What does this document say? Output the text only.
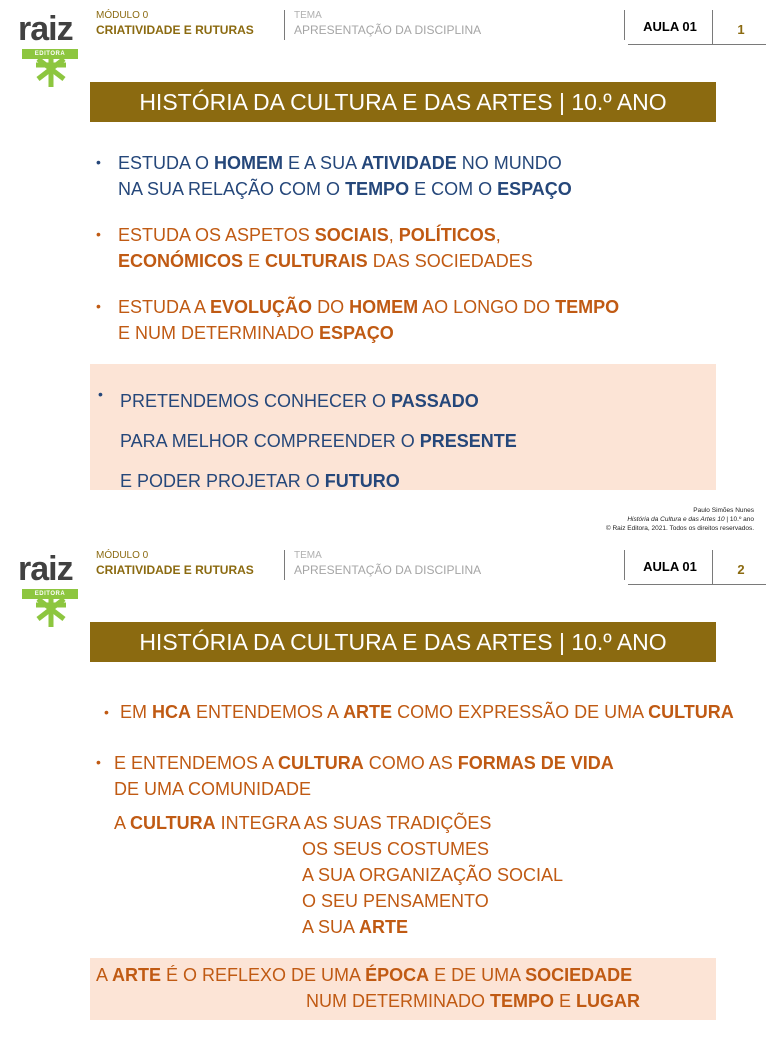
raiz
EDITORA
MÓDULO 0
CRIATIVIDADE E RUTURAS
TEMA
APRESENTAÇÃO DA DISCIPLINA	AULA 01	1
HISTÓRIA DA CULTURA E DAS ARTES | 10.º ANO
• ESTUDA O HOMEM E A SUA ATIVIDADE NO MUNDO
NA SUA RELAÇÃO COM O TEMPO E COM O ESPAÇO
• ESTUDA OS ASPETOS SOCIAIS, POLÍTICOS,
ECONÓMICOS E CULTURAIS DAS SOCIEDADES
• ESTUDA A EVOLUÇÃO DO HOMEM AO LONGO DO TEMPO
E NUM DETERMINADO ESPAÇO
• PRETENDEMOS CONHECER O PASSADO
PARA MELHOR COMPREENDER O PRESENTE
E PODER PROJETAR O FUTURO
Paulo Simões Nunes
História da Cultura e das Artes 10 | 10.º ano
© Raiz Editora, 2021. Todos os direitos reservados.
raiz
EDITORA
MÓDULO 0
CRIATIVIDADE E RUTURAS
TEMA
APRESENTAÇÃO DA DISCIPLINA	AULA 01	2
HISTÓRIA DA CULTURA E DAS ARTES | 10.º ANO
• EM HCA ENTENDEMOS A ARTE COMO EXPRESSÃO DE UMA CULTURA
• E ENTENDEMOS A CULTURA COMO AS FORMAS DE VIDA
DE UMA COMUNIDADE
A CULTURA INTEGRA AS SUAS TRADIÇÕES
OS SEUS COSTUMES
A SUA ORGANIZAÇÃO SOCIAL
O SEU PENSAMENTO
A SUA ARTE
A ARTE É O REFLEXO DE UMA ÉPOCA E DE UMA SOCIEDADE
NUM DETERMINADO TEMPO E LUGAR
